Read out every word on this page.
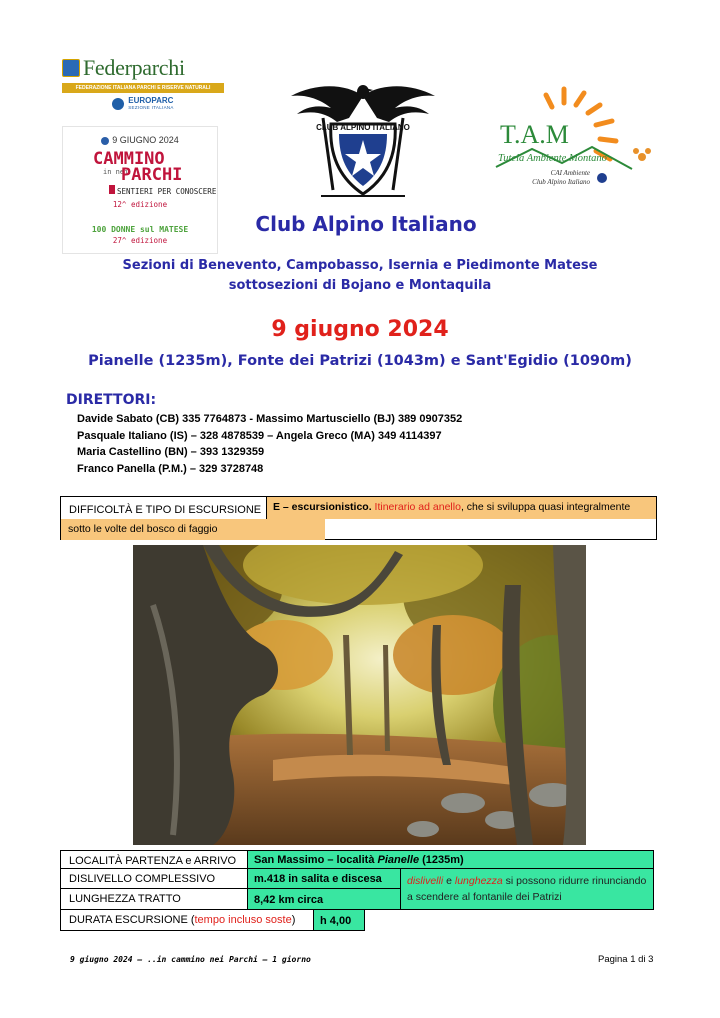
Federparchi
FEDERAZIONE ITALIANA PARCHI E RISERVE NATURALI
EUROPARC
SEZIONE ITALIANA
9 GIUGNO 2024
CAMMINO
in nei
PARCHI
SENTIERI PER CONOSCERE
12^ edizione
100 DONNE sul MATESE
27^ edizione
CLUB ALPINO ITALIANO	T.A.M
Tutela Ambiente Montano
CAI Ambiente
Club Alpino Italiano
Club Alpino Italiano
Sezioni di Benevento, Campobasso, Isernia e Piedimonte Matese
sottosezioni di Bojano e Montaquila
9 giugno 2024
Pianelle (1235m), Fonte dei Patrizi (1043m) e Sant'Egidio (1090m)
DIRETTORI:
Davide Sabato (CB) 335 7764873 - Massimo Martusciello (BJ) 389 0907352
Pasquale Italiano (IS) – 328 4878539 – Angela Greco (MA) 349 4114397
Maria Castellino (BN) – 393 1329359
Franco Panella (P.M.) – 329 3728748
DIFFICOLTÀ E TIPO DI ESCURSIONE	E – escursionistico. Itinerario ad anello, che si sviluppa quasi integralmente
sotto le volte del bosco di faggio
LOCALITÀ PARTENZA e ARRIVO	San Massimo – località Pianelle (1235m)
DISLIVELLO COMPLESSIVO	m.418 in salita e discesa	dislivelli e lunghezza si possono ridurre rinunciando a scendere al fontanile dei Patrizi
LUNGHEZZA TRATTO	8,42 km circa
DURATA ESCURSIONE (tempo incluso soste)	h 4,00
9 giugno 2024 – ..in cammino nei Parchi – 1 giorno	Pagina 1 di 3
